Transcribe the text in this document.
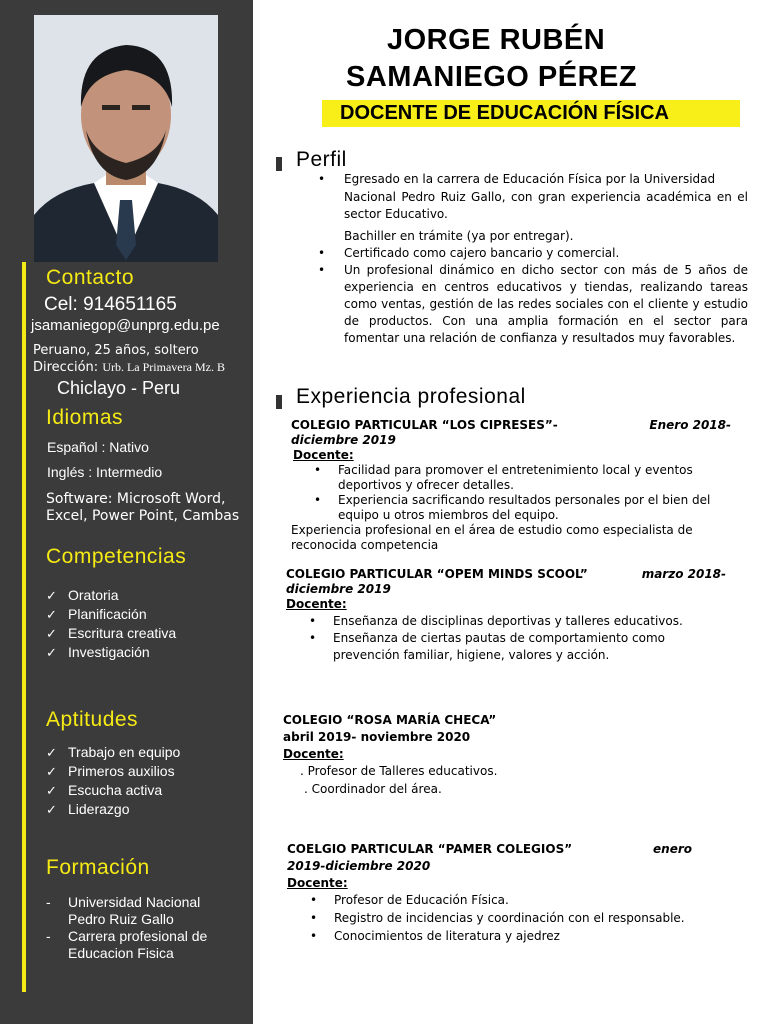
Contacto
Cel: 914651165
jsamaniegop@unprg.edu.pe
Peruano, 25 años, soltero
Dirección: Urb. La Primavera Mz. B
Chiclayo - Peru
Idiomas
Español : Nativo
Inglés : Intermedio
Software: Microsoft Word,
Excel, Power Point, Cambas
Competencias
✓ Oratoria
✓ Planificación
✓ Escritura creativa
✓ Investigación
Aptitudes
✓ Trabajo en equipo
✓ Primeros auxilios
✓ Escucha activa
✓ Liderazgo
Formación
-	Universidad Nacional
Pedro Ruiz Gallo
-	Carrera profesional de
Educacion Fisica
JORGE RUBÉN
SAMANIEGO PÉREZ
DOCENTE DE EDUCACIÓN FÍSICA
Perfil
• Egresado en la carrera de Educación Física por la Universidad
Nacional Pedro Ruiz Gallo, con gran experiencia académica en el sector Educativo.
Bachiller en trámite (ya por entregar).
• Certificado como cajero bancario y comercial.
• Un profesional dinámico en dicho sector con más de 5 años de experiencia en centros educativos y tiendas, realizando tareas como ventas, gestión de las redes sociales con el cliente y estudio de productos. Con una amplia formación en el sector para fomentar una relación de confianza y resultados muy favorables.
Experiencia profesional
COLEGIO PARTICULAR “LOS CIPRESES”-	Enero 2018-
diciembre 2019
Docente:
• Facilidad para promover el entretenimiento local y eventos deportivos y ofrecer detalles.
• Experiencia sacrificando resultados personales por el bien del equipo u otros miembros del equipo.
Experiencia profesional en el área de estudio como especialista de reconocida competencia
COLEGIO PARTICULAR “OPEM MINDS SCOOL”	marzo 2018-
diciembre 2019
Docente:
• Enseñanza de disciplinas deportivas y talleres educativos.
• Enseñanza de ciertas pautas de comportamiento como prevención familiar, higiene, valores y acción.
COLEGIO “ROSA MARÍA CHECA”
abril 2019- noviembre 2020
Docente:
. Profesor de Talleres educativos.
. Coordinador del área.
COELGIO PARTICULAR “PAMER COLEGIOS”	enero
2019-diciembre 2020
Docente:
• Profesor de Educación Física.
• Registro de incidencias y coordinación con el responsable.
• Conocimientos de literatura y ajedrez
